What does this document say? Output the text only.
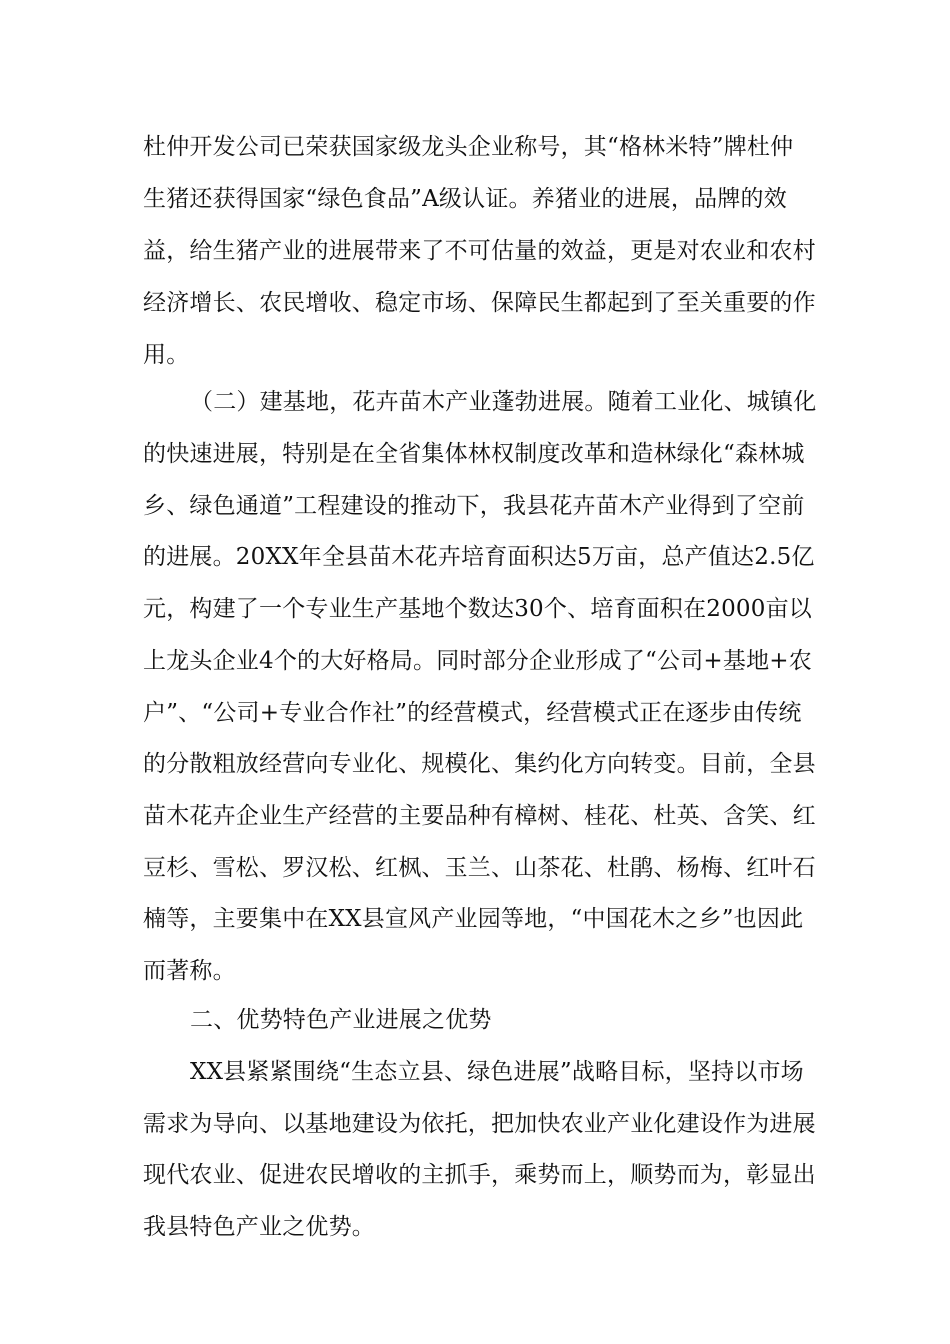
杜仲开发公司已荣获国家级龙头企业称号，其“格林米特”牌杜仲
生猪还获得国家“绿色食品”A级认证。养猪业的进展，品牌的效
益，给生猪产业的进展带来了不可估量的效益，更是对农业和农村
经济增长、农民增收、稳定市场、保障民生都起到了至关重要的作
用。
（二）建基地，花卉苗木产业蓬勃进展。随着工业化、城镇化
的快速进展，特别是在全省集体林权制度改革和造林绿化“森林城
乡、绿色通道”工程建设的推动下，我县花卉苗木产业得到了空前
的进展。20XX年全县苗木花卉培育面积达5万亩，总产值达2.5亿
元，构建了一个专业生产基地个数达30个、培育面积在2000亩以
上龙头企业4个的大好格局。同时部分企业形成了“公司+基地+农
户”、“公司+专业合作社”的经营模式，经营模式正在逐步由传统
的分散粗放经营向专业化、规模化、集约化方向转变。目前，全县
苗木花卉企业生产经营的主要品种有樟树、桂花、杜英、含笑、红
豆杉、雪松、罗汉松、红枫、玉兰、山茶花、杜鹃、杨梅、红叶石
楠等，主要集中在XX县宣风产业园等地，“中国花木之乡”也因此
而著称。
二、优势特色产业进展之优势
XX县紧紧围绕“生态立县、绿色进展”战略目标，坚持以市场
需求为导向、以基地建设为依托，把加快农业产业化建设作为进展
现代农业、促进农民增收的主抓手，乘势而上，顺势而为，彰显出
我县特色产业之优势。
